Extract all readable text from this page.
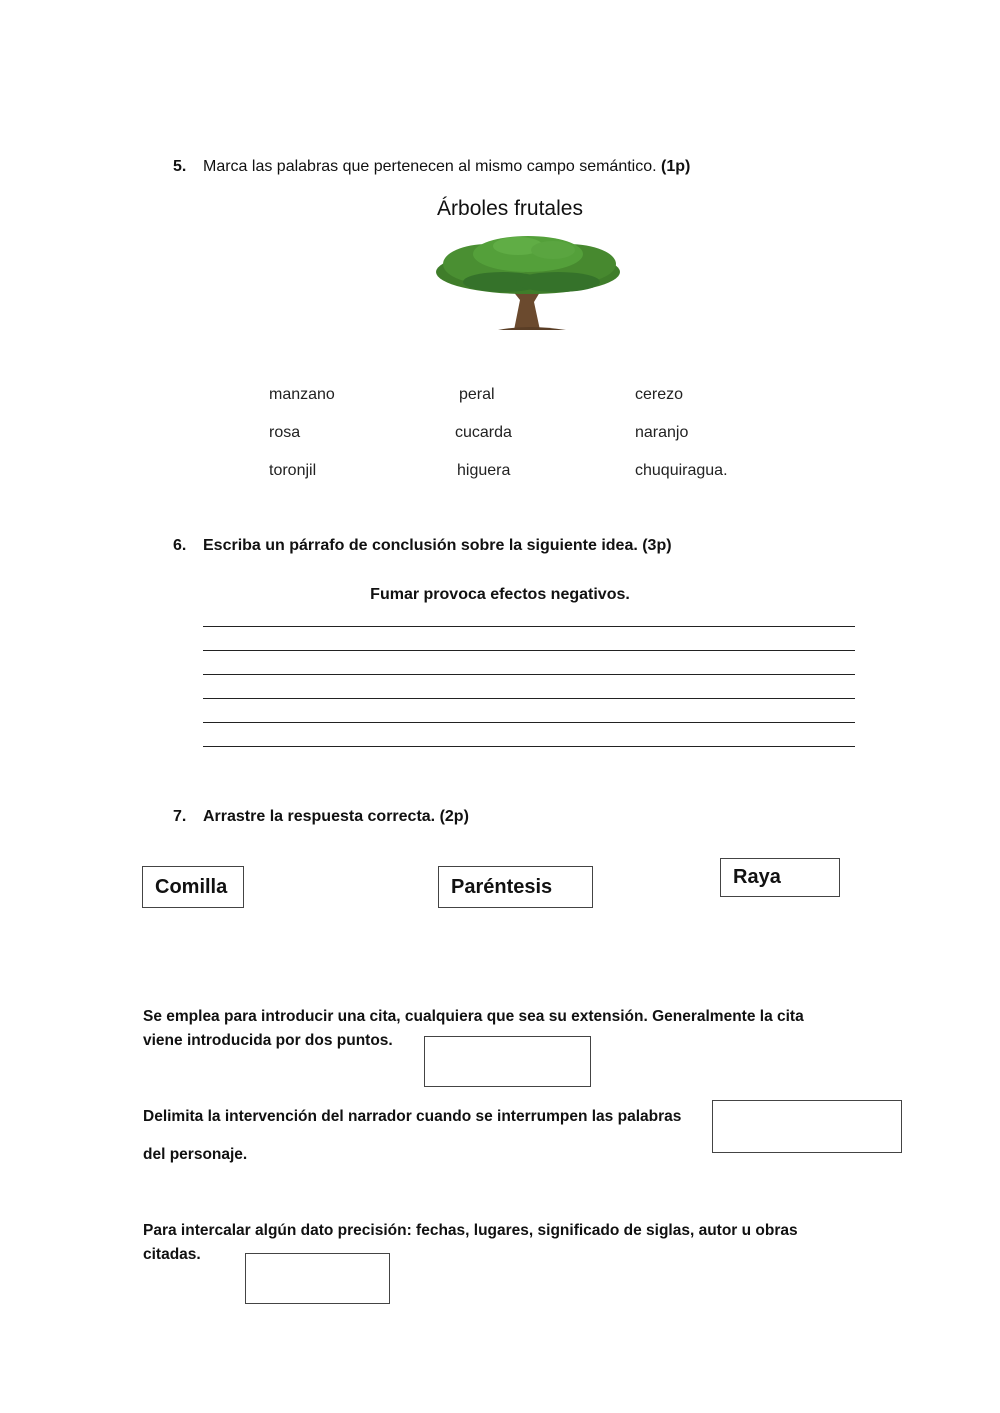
5. Marca las palabras que pertenecen al mismo campo semántico. (1p)
Árboles frutales
manzano	peral	cerezo
rosa	cucarda	naranjo
toronjil	higuera	chuquiragua.
6. Escriba un párrafo de conclusión sobre la siguiente idea. (3p)
Fumar provoca efectos negativos.
7. Arrastre la respuesta correcta. (2p)
Comilla	Paréntesis	Raya
Se emplea para introducir una cita, cualquiera que sea su extensión. Generalmente la cita
viene introducida por dos puntos.
Delimita la intervención del narrador cuando se interrumpen las palabras
del personaje.
Para intercalar algún dato precisión: fechas, lugares, significado de siglas, autor u obras
citadas.
